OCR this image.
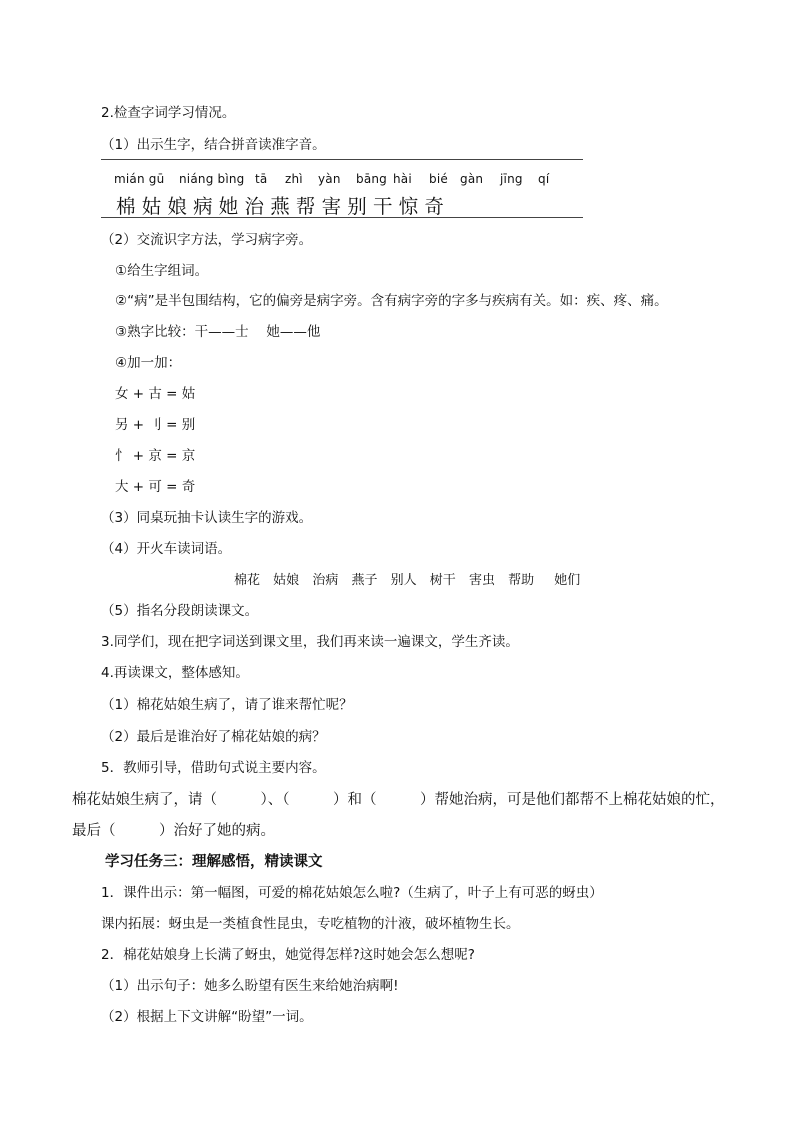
2.检查字词学习情况。
（1）出示生字，结合拼音读准字音。
mián gū niáng bìng tā zhì yàn bāng hài bié gàn jīng qí
棉 姑 娘 病 她 治 燕 帮 害 别 干 惊 奇
（2）交流识字方法，学习病字旁。
①给生字组词。
②“病”是半包围结构，它的偏旁是病字旁。含有病字旁的字多与疾病有关。如：疾、疼、痛。
③熟字比较：干——士　 她——他
④加一加：
女 + 古 = 姑
另 + 刂 = 别
忄 + 京 = 京
大 + 可 = 奇
（3）同桌玩抽卡认读生字的游戏。
（4）开火车读词语。
棉花 姑娘 治病 燕子 别人 树干 害虫 帮助 她们
（5）指名分段朗读课文。
3.同学们，现在把字词送到课文里，我们再来读一遍课文，学生齐读。
4.再读课文，整体感知。
（1）棉花姑娘生病了，请了谁来帮忙呢？
（2）最后是谁治好了棉花姑娘的病？
5．教师引导，借助句式说主要内容。
棉花姑娘生病了，请（　　　）、（　　　）和（　　　）帮她治病，可是他们都帮不上棉花姑娘的忙，
最后（　　　）治好了她的病。
学习任务三：理解感悟，精读课文
1．课件出示：第一幅图，可爱的棉花姑娘怎么啦?（生病了，叶子上有可恶的蚜虫）
课内拓展：蚜虫是一类植食性昆虫，专吃植物的汁液，破坏植物生长。
2．棉花姑娘身上长满了蚜虫，她觉得怎样?这时她会怎么想呢?
（1）出示句子：她多么盼望有医生来给她治病啊!
（2）根据上下文讲解“盼望”一词。
